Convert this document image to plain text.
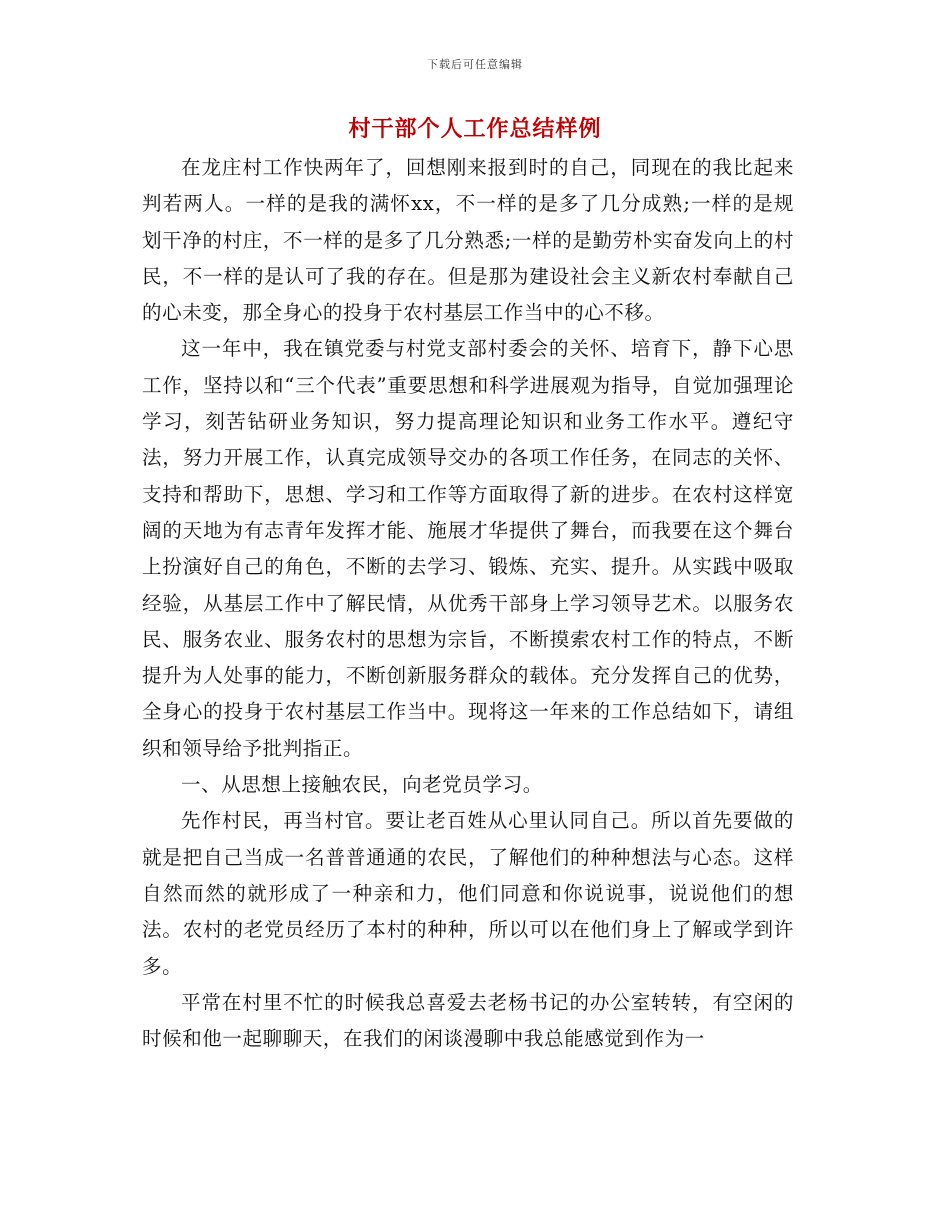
下载后可任意编辑
村干部个人工作总结样例

在龙庄村工作快两年了，回想刚来报到时的自己，同现在的我比起来判若两人。一样的是我的满怀xx，不一样的是多了几分成熟;一样的是规划干净的村庄，不一样的是多了几分熟悉;一样的是勤劳朴实奋发向上的村民，不一样的是认可了我的存在。但是那为建设社会主义新农村奉献自己的心未变，那全身心的投身于农村基层工作当中的心不移。

这一年中，我在镇党委与村党支部村委会的关怀、培育下，静下心思工作，坚持以和“三个代表”重要思想和科学进展观为指导，自觉加强理论学习，刻苦钻研业务知识，努力提高理论知识和业务工作水平。遵纪守法，努力开展工作，认真完成领导交办的各项工作任务，在同志的关怀、支持和帮助下，思想、学习和工作等方面取得了新的进步。在农村这样宽阔的天地为有志青年发挥才能、施展才华提供了舞台，而我要在这个舞台上扮演好自己的角色，不断的去学习、锻炼、充实、提升。从实践中吸取经验，从基层工作中了解民情，从优秀干部身上学习领导艺术。以服务农民、服务农业、服务农村的思想为宗旨，不断摸索农村工作的特点，不断提升为人处事的能力，不断创新服务群众的载体。充分发挥自己的优势，全身心的投身于农村基层工作当中。现将这一年来的工作总结如下，请组织和领导给予批判指正。

一、从思想上接触农民，向老党员学习。

先作村民，再当村官。要让老百姓从心里认同自己。所以首先要做的就是把自己当成一名普普通通的农民，了解他们的种种想法与心态。这样自然而然的就形成了一种亲和力，他们同意和你说说事，说说他们的想法。农村的老党员经历了本村的种种，所以可以在他们身上了解或学到许多。

平常在村里不忙的时候我总喜爱去老杨书记的办公室转转，有空闲的时候和他一起聊聊天，在我们的闲谈漫聊中我总能感觉到作为一
